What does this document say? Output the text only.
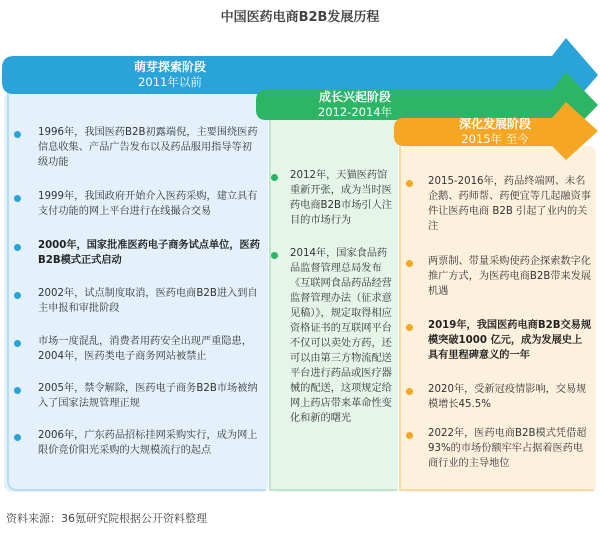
中国医药电商B2B发展历程
萌芽探索阶段
2011年以前
成长兴起阶段
2012-2014年
深化发展阶段
2015年 至今
1996年，我国医药B2B初露端倪，主要围绕医药信息收集、产品广告发布以及药品服用指导等初级功能
1999年，我国政府开始介入医药采购，建立具有支付功能的网上平台进行在线撮合交易
2000年，国家批准医药电子商务试点单位，医药B2B模式正式启动
2002年，试点制度取消，医药电商B2B进入到自主申报和审批阶段
市场一度混乱，消费者用药安全出现严重隐患，2004年，医药类电子商务网站被禁止
2005年，禁令解除，医药电子商务B2B市场被纳入了国家法规管理正规
2006年，广东药品招标挂网采购实行，成为网上限价竞价阳光采购的大规模流行的起点
2012年，天猫医药馆重新开张，成为当时医药电商B2B市场引人注目的市场行为
2014年，国家食品药品监督管理总局发布《互联网食品药品经营监督管理办法（征求意见稿）》，规定取得相应资格证书的互联网平台不仅可以卖处方药，还可以由第三方物流配送平台进行药品或医疗器械的配送，这项规定给网上药店带来革命性变化和新的曙光
2015-2016年，药品终端网、未名企鹅、药师帮、药便宜等几起融资事件让医药电商 B2B 引起了业内的关注
两票制、带量采购使药企探索数字化推广方式，为医药电商B2B带来发展机遇
2019年，我国医药电商B2B交易规模突破1000 亿元，成为发展史上具有里程碑意义的一年
2020年，受新冠疫情影响，交易规模增长45.5%
2022年，医药电商B2B模式凭借超93%的市场份额牢牢占据着医药电商行业的主导地位
资料来源：36氪研究院根据公开资料整理
